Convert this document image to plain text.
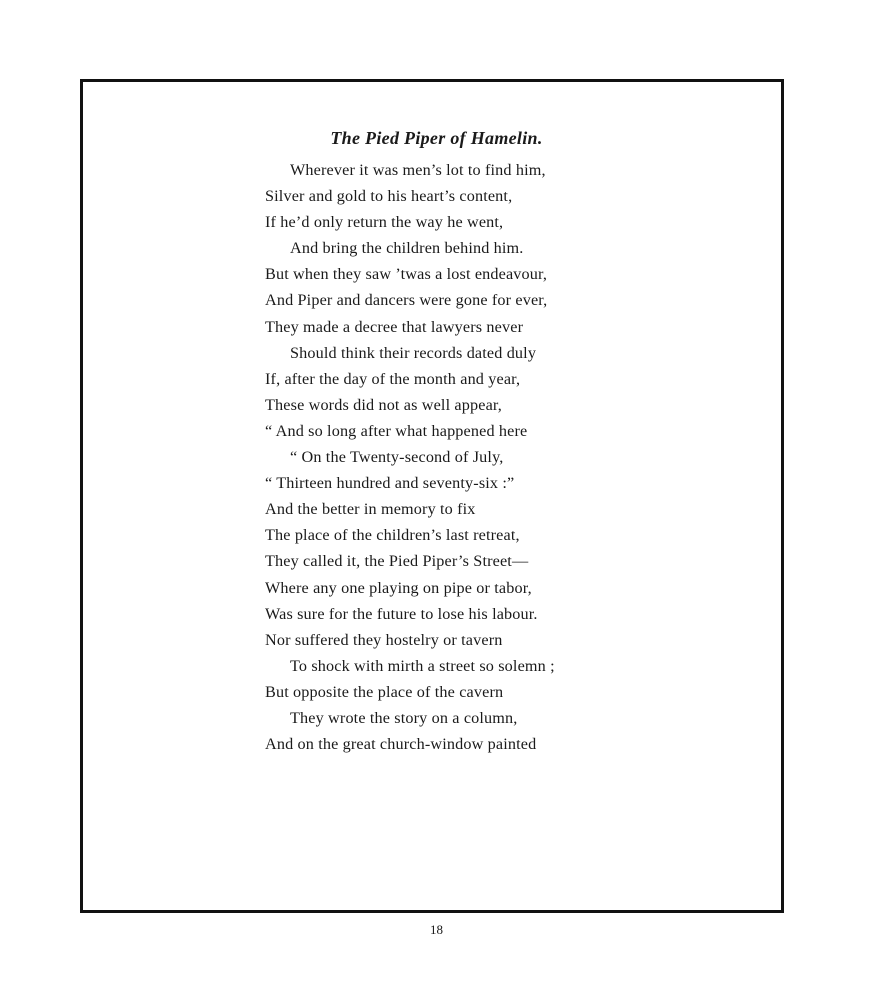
The Pied Piper of Hamelin.
Wherever it was men’s lot to find him,
Silver and gold to his heart’s content,
If he’d only return the way he went,
And bring the children behind him.
But when they saw ’twas a lost endeavour,
And Piper and dancers were gone for ever,
They made a decree that lawyers never
Should think their records dated duly
If, after the day of the month and year,
These words did not as well appear,
“ And so long after what happened here
“ On the Twenty-second of July,
“ Thirteen hundred and seventy-six :”
And the better in memory to fix
The place of the children’s last retreat,
They called it, the Pied Piper’s Street—
Where any one playing on pipe or tabor,
Was sure for the future to lose his labour.
Nor suffered they hostelry or tavern
To shock with mirth a street so solemn ;
But opposite the place of the cavern
They wrote the story on a column,
And on the great church-window painted

18
